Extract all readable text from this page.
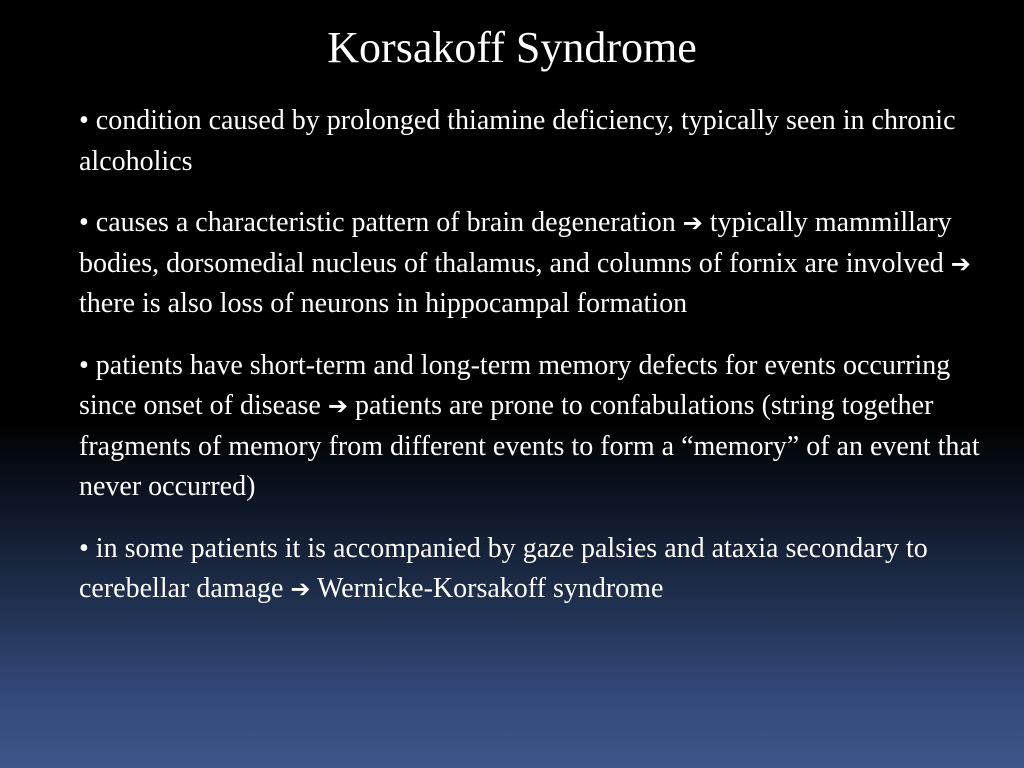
Korsakoff Syndrome
• condition caused by prolonged thiamine deficiency, typically seen in chronic alcoholics
• causes a characteristic pattern of brain degeneration ➔ typically mammillary bodies, dorsomedial nucleus of thalamus, and columns of fornix are involved ➔ there is also loss of neurons in hippocampal formation
• patients have short-term and long-term memory defects for events occurring since onset of disease ➔ patients are prone to confabulations (string together fragments of memory from different events to form a “memory” of an event that never occurred)
• in some patients it is accompanied by gaze palsies and ataxia secondary to cerebellar damage ➔ Wernicke-Korsakoff syndrome
